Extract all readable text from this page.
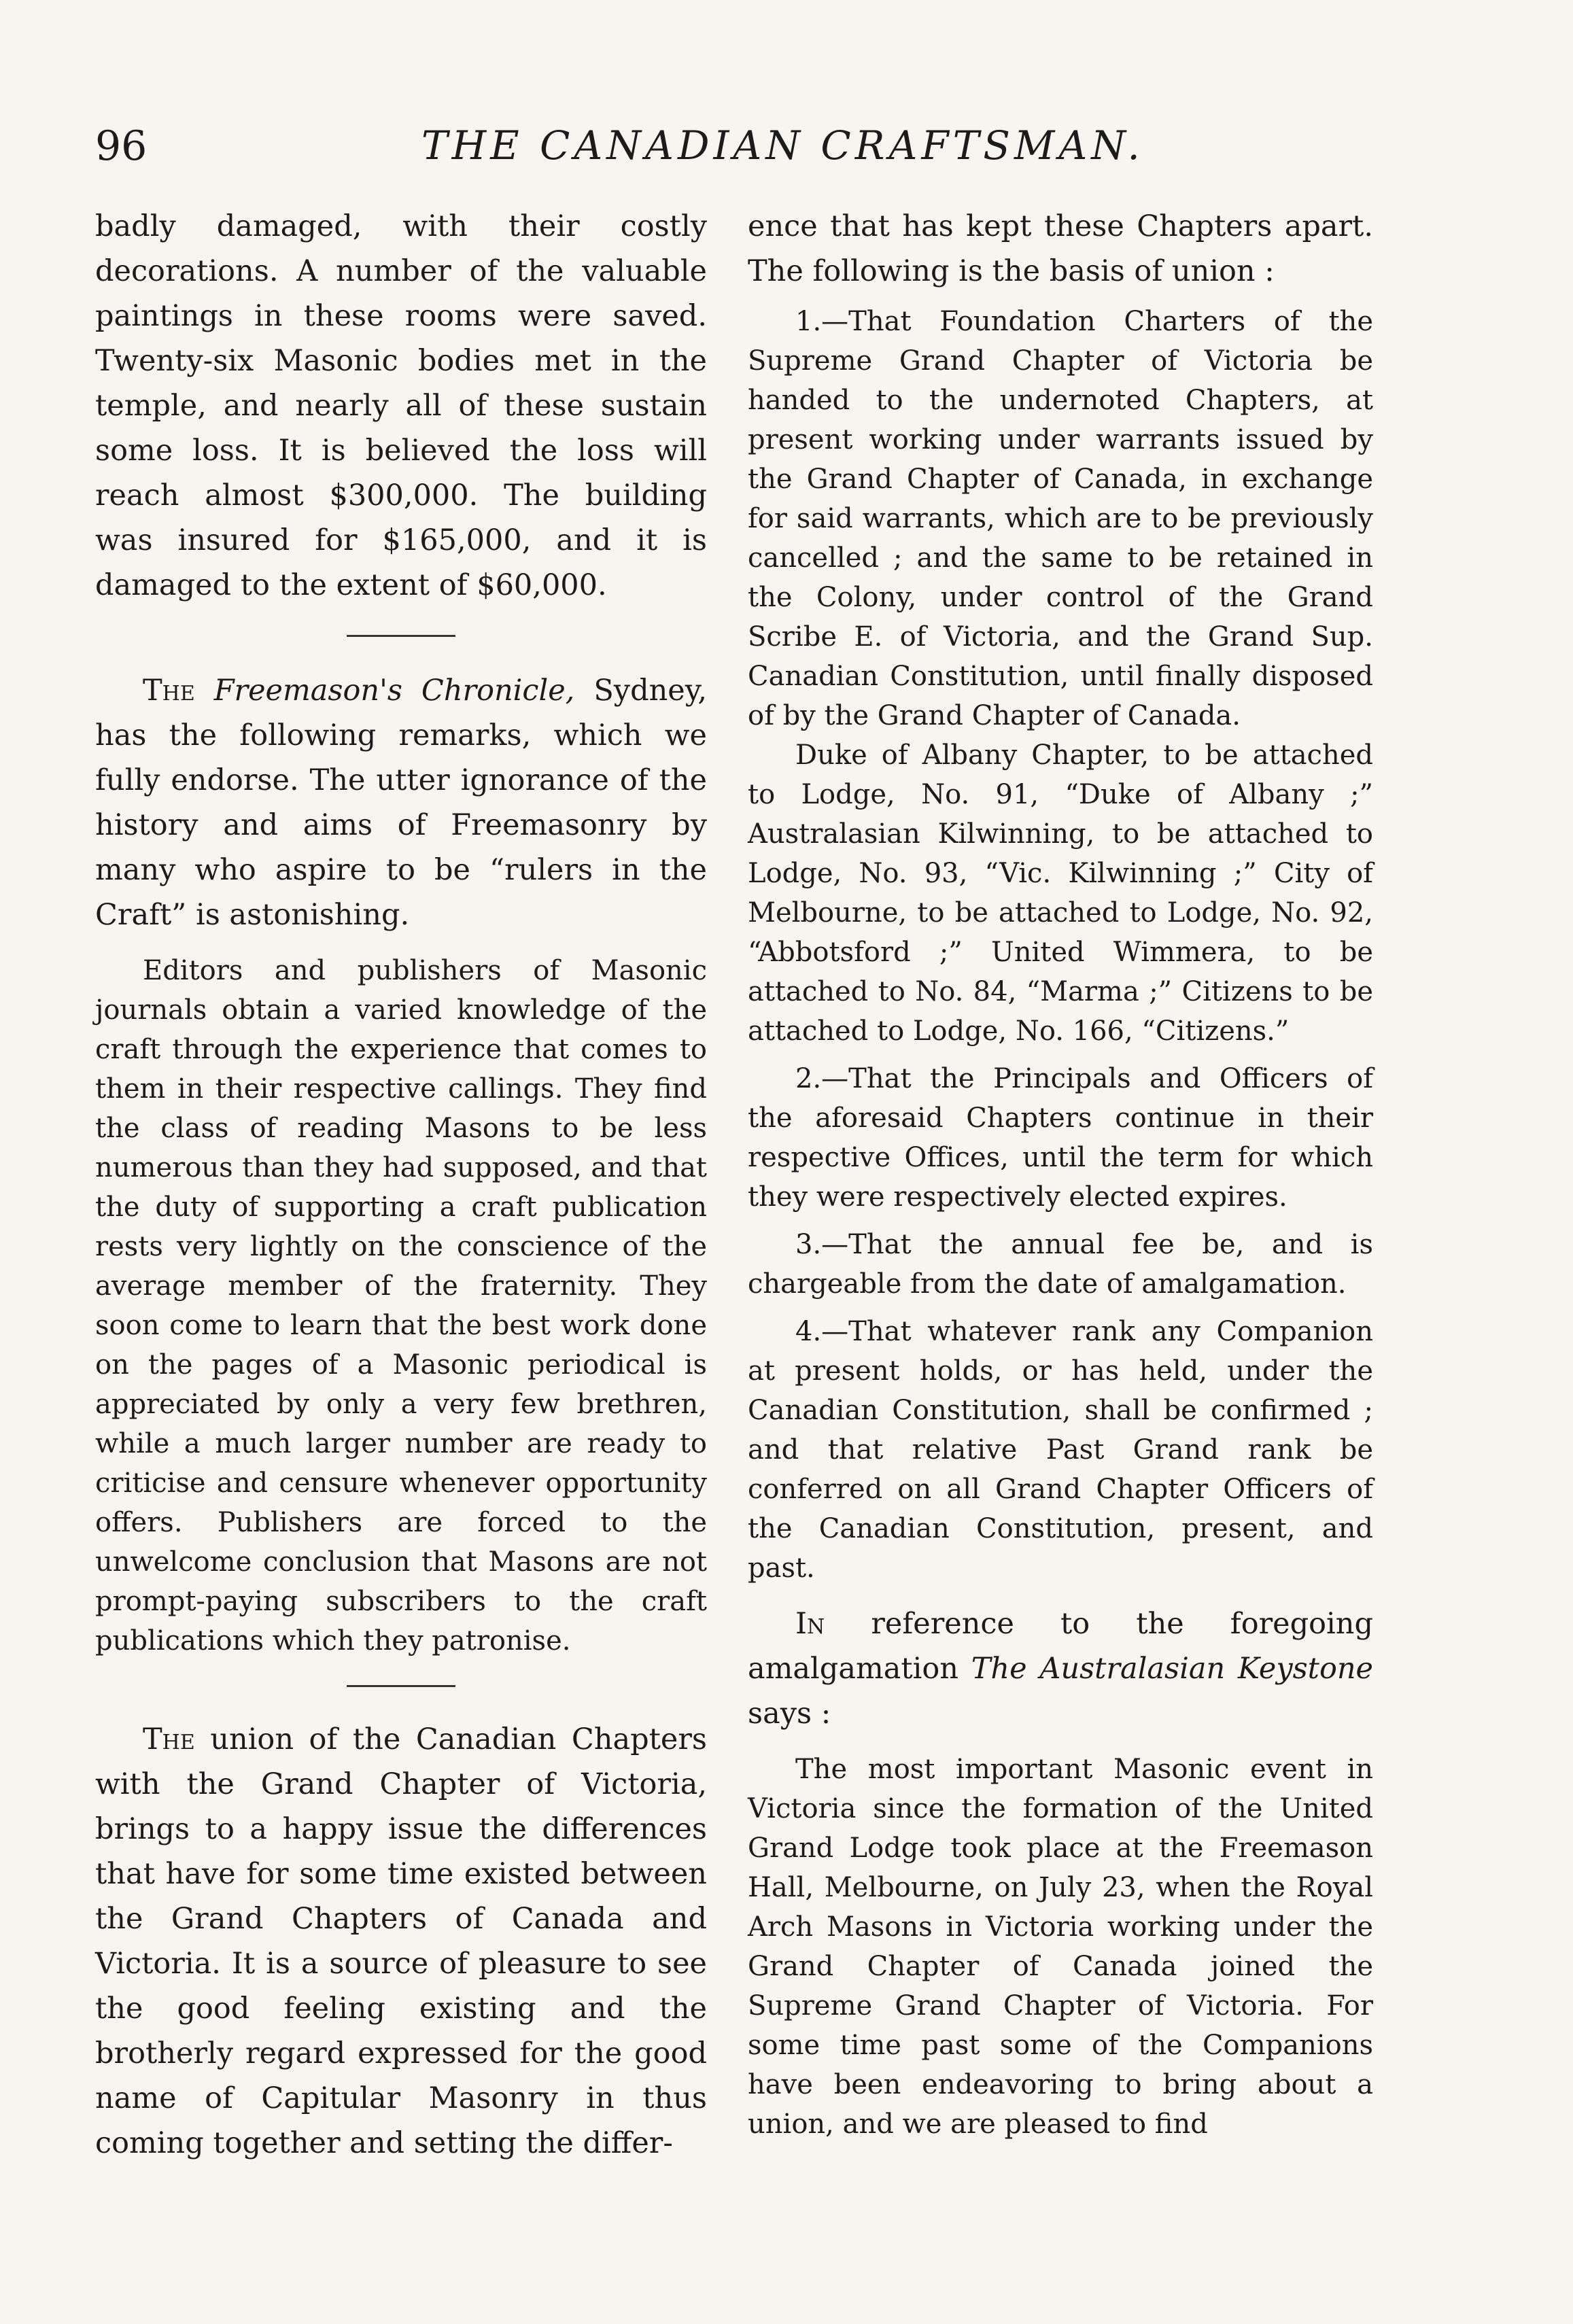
96	THE CANADIAN CRAFTSMAN.

badly damaged, with their costly decorations. A number of the valuable paintings in these rooms were saved. Twenty-six Masonic bodies met in the temple, and nearly all of these sustain some loss. It is believed the loss will reach almost $300,000. The building was insured for $165,000, and it is damaged to the extent of $60,000.

The Freemason's Chronicle, Sydney, has the following remarks, which we fully endorse. The utter ignorance of the history and aims of Freemasonry by many who aspire to be “rulers in the Craft” is astonishing.

Editors and publishers of Masonic journals obtain a varied knowledge of the craft through the experience that comes to them in their respective callings. They find the class of reading Masons to be less numerous than they had supposed, and that the duty of supporting a craft publication rests very lightly on the conscience of the average member of the fraternity. They soon come to learn that the best work done on the pages of a Masonic periodical is appreciated by only a very few brethren, while a much larger number are ready to criticise and censure whenever opportunity offers. Publishers are forced to the unwelcome conclusion that Masons are not prompt-paying subscribers to the craft publications which they patronise.

The union of the Canadian Chapters with the Grand Chapter of Victoria, brings to a happy issue the differences that have for some time existed between the Grand Chapters of Canada and Victoria. It is a source of pleasure to see the good feeling existing and the brotherly regard expressed for the good name of Capitular Masonry in thus coming together and setting the differ-

ence that has kept these Chapters apart. The following is the basis of union :

1.—That Foundation Charters of the Supreme Grand Chapter of Victoria be handed to the undernoted Chapters, at present working under warrants issued by the Grand Chapter of Canada, in exchange for said warrants, which are to be previously cancelled ; and the same to be retained in the Colony, under control of the Grand Scribe E. of Victoria, and the Grand Sup. Canadian Constitution, until finally disposed of by the Grand Chapter of Canada.

Duke of Albany Chapter, to be attached to Lodge, No. 91, “Duke of Albany ;” Australasian Kilwinning, to be attached to Lodge, No. 93, “Vic. Kilwinning ;” City of Melbourne, to be attached to Lodge, No. 92, “Abbotsford ;” United Wimmera, to be attached to No. 84, “Marma ;” Citizens to be attached to Lodge, No. 166, “Citizens.”

2.—That the Principals and Officers of the aforesaid Chapters continue in their respective Offices, until the term for which they were respectively elected expires.

3.—That the annual fee be, and is chargeable from the date of amalgamation.

4.—That whatever rank any Companion at present holds, or has held, under the Canadian Constitution, shall be confirmed ; and that relative Past Grand rank be conferred on all Grand Chapter Officers of the Canadian Constitution, present, and past.

In reference to the foregoing amalgamation The Australasian Keystone says :

The most important Masonic event in Victoria since the formation of the United Grand Lodge took place at the Freemason Hall, Melbourne, on July 23, when the Royal Arch Masons in Victoria working under the Grand Chapter of Canada joined the Supreme Grand Chapter of Victoria. For some time past some of the Companions have been endeavoring to bring about a union, and we are pleased to find
